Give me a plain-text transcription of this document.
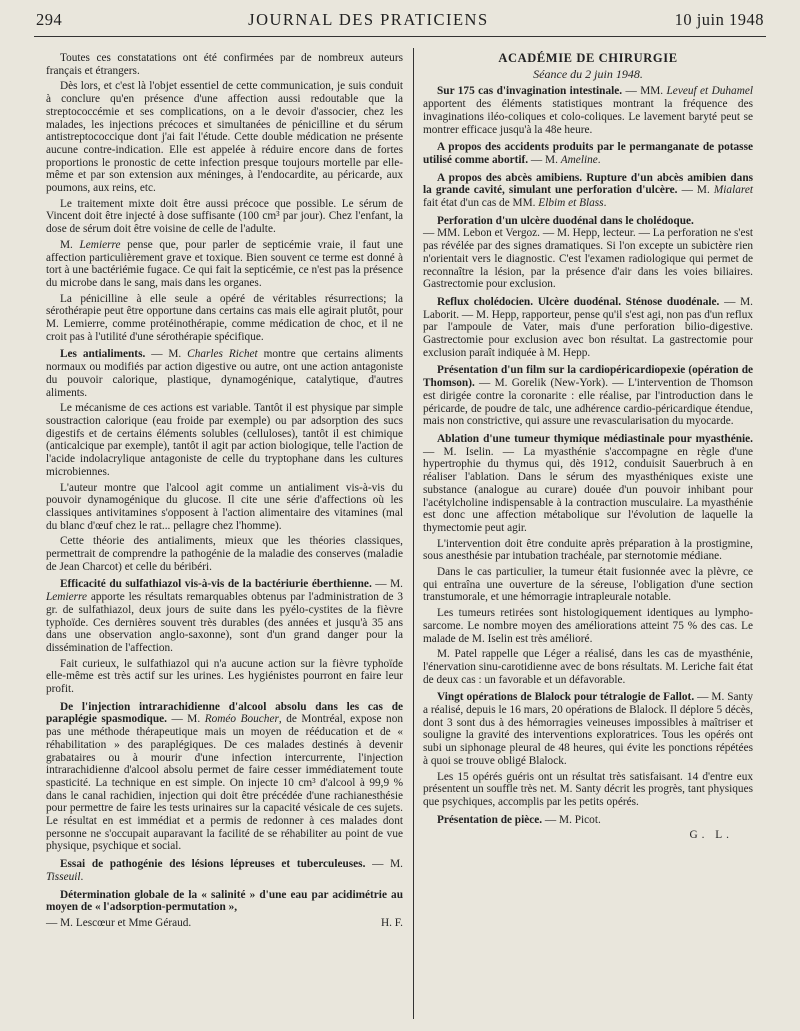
294	JOURNAL DES PRATICIENS	10 juin 1948

Toutes ces constatations ont été confirmées par de nombreux auteurs français et étrangers.

Dès lors, et c'est là l'objet essentiel de cette communication, je suis conduit à conclure qu'en présence d'une affection aussi redoutable que la streptococcémie et ses complications, on a le devoir d'associer, chez les malades, les injections précoces et simultanées de pénicilline et du sérum antistreptococcique dont j'ai fait l'étude. Cette double médication ne présente aucune contre-indication. Elle est appelée à réduire encore dans de fortes proportions le pronostic de cette infection presque toujours mortelle par elle-même et par son extension aux méninges, à l'endocardite, au péricarde, aux poumons, aux reins, etc.

Le traitement mixte doit être aussi précoce que possible. Le sérum de Vincent doit être injecté à dose suffisante (100 cm³ par jour). Chez l'enfant, la dose de sérum doit être voisine de celle de l'adulte.

M. Lemierre pense que, pour parler de septicémie vraie, il faut une affection particulièrement grave et toxique. Bien souvent ce terme est donné à tort à une bactériémie fugace. Ce qui fait la septicémie, ce n'est pas la présence du microbe dans le sang, mais dans les organes.

La pénicilline à elle seule a opéré de véritables résurrections; la sérothérapie peut être opportune dans certains cas mais elle agirait plutôt, pour M. Lemierre, comme protéinothérapie, comme médication de choc, et il ne croit pas à l'utilité d'une sérothérapie spécifique.

Les antialiments. — M. Charles Richet montre que certains aliments normaux ou modifiés par action digestive ou autre, ont une action antagoniste du pouvoir calorique, plastique, dynamogénique, catalytique, d'autres aliments.

Le mécanisme de ces actions est variable. Tantôt il est physique par simple soustraction calorique (eau froide par exemple) ou par adsorption des sucs digestifs et de certains éléments solubles (celluloses), tantôt il est chimique (anticalcique par exemple), tantôt il agit par action biologique, telle l'action de l'acide indolacrylique antagoniste de celle du tryptophane dans les cultures microbiennes.

L'auteur montre que l'alcool agit comme un antialiment vis-à-vis du pouvoir dynamogénique du glucose. Il cite une série d'affections où les classiques antivitamines s'opposent à l'action alimentaire des vitamines (mal du blanc d'œuf chez le rat... pellagre chez l'homme).

Cette théorie des antialiments, mieux que les théories classiques, permettrait de comprendre la pathogénie de la maladie des conserves (maladie de Jean Charcot) et celle du béribéri.

Efficacité du sulfathiazol vis-à-vis de la bactériurie éberthienne. — M. Lemierre apporte les résultats remarquables obtenus par l'administration de 3 gr. de sulfathiazol, deux jours de suite dans les pyélo-cystites de la fièvre typhoïde. Ces dernières souvent très durables (des années et jusqu'à 35 ans dans une observation anglo-saxonne), sont d'un grand danger pour la dissémination de l'affection.

Fait curieux, le sulfathiazol qui n'a aucune action sur la fièvre typhoïde elle-même est très actif sur les urines. Les hygiénistes pourront en faire leur profit.

De l'injection intrarachidienne d'alcool absolu dans les cas de paraplégie spasmodique. — M. Roméo Boucher, de Montréal, expose non pas une méthode thérapeutique mais un moyen de rééducation et de « réhabilitation » des paraplégiques. De ces malades destinés à devenir grabataires ou à mourir d'une infection intercurrente, l'injection intrarachidienne d'alcool absolu permet de faire cesser immédiatement toute spasticité. La technique en est simple. On injecte 10 cm³ d'alcool à 99,9 % dans le canal rachidien, injection qui doit être précédée d'une rachianesthésie pour permettre de faire les tests urinaires sur la capacité vésicale de ces sujets. Le résultat en est immédiat et a permis de redonner à ces malades dont personne ne s'occupait auparavant la facilité de se réhabiliter au point de vue physique, psychique et social.

Essai de pathogénie des lésions lépreuses et tuberculeuses. — M. Tisseuil.

Détermination globale de la « salinité » d'une eau par acidimétrie au moyen de « l'adsorption-permutation »,

— M. Lescœur et Mme Géraud.	H. F.

ACADÉMIE DE CHIRURGIE

Séance du 2 juin 1948.

Sur 175 cas d'invagination intestinale. — MM. Leveuf et Duhamel apportent des éléments statistiques montrant la fréquence des invaginations iléo-coliques et colo-coliques. Le lavement baryté peut se montrer efficace jusqu'à la 48e heure.

A propos des accidents produits par le permanganate de potasse utilisé comme abortif. — M. Ameline.

A propos des abcès amibiens. Rupture d'un abcès amibien dans la grande cavité, simulant une perforation d'ulcère. — M. Mialaret fait état d'un cas de MM. Elbim et Blass.

Perforation d'un ulcère duodénal dans le cholédoque.
— MM. Lebon et Vergoz. — M. Hepp, lecteur. — La perforation ne s'est pas révélée par des signes dramatiques. Si l'on excepte un subictère rien n'orientait vers le diagnostic. C'est l'examen radiologique qui permet de reconnaître la lésion, par la présence d'air dans les voies biliaires. Gastrectomie pour exclusion.

Reflux cholédocien. Ulcère duodénal. Sténose duodénale. — M. Laborit. — M. Hepp, rapporteur, pense qu'il s'est agi, non pas d'un reflux par l'ampoule de Vater, mais d'une perforation bilio-digestive. Gastrectomie pour exclusion avec bon résultat. La gastrectomie pour exclusion paraît indiquée à M. Hepp.

Présentation d'un film sur la cardiopéricardiopexie (opération de Thomson). — M. Gorelik (New-York). — L'intervention de Thomson est dirigée contre la coronarite : elle réalise, par l'introduction dans le péricarde, de poudre de talc, une adhérence cardio-péricardique étendue, mais non constrictive, qui assure une revascularisation du myocarde.

Ablation d'une tumeur thymique médiastinale pour myasthénie. — M. Iselin. — La myasthénie s'accompagne en règle d'une hypertrophie du thymus qui, dès 1912, conduisit Sauerbruch à en réaliser l'ablation. Dans le sérum des myasthéniques existe une substance (analogue au curare) douée d'un pouvoir inhibant pour l'acétylcholine indispensable à la contraction musculaire. La myasthénie est donc une affection métabolique sur l'évolution de laquelle la thymectomie peut agir.

L'intervention doit être conduite après préparation à la prostigmine, sous anesthésie par intubation trachéale, par sternotomie médiane.

Dans le cas particulier, la tumeur était fusionnée avec la plèvre, ce qui entraîna une ouverture de la séreuse, l'obligation d'une section transtumorale, et une hémorragie intrapleurale notable.

Les tumeurs retirées sont histologiquement identiques au lympho-sarcome. Le nombre moyen des améliorations atteint 75 % des cas. Le malade de M. Iselin est très amélioré.

M. Patel rappelle que Léger a réalisé, dans les cas de myasthénie, l'énervation sinu-carotidienne avec de bons résultats. M. Leriche fait état de deux cas : un favorable et un défavorable.

Vingt opérations de Blalock pour tétralogie de Fallot. — M. Santy a réalisé, depuis le 16 mars, 20 opérations de Blalock. Il déplore 5 décès, dont 3 sont dus à des hémorragies veineuses impossibles à maîtriser et souligne la gravité des interventions exploratrices. Tous les opérés ont subi un siphonage pleural de 48 heures, qui évite les ponctions répétées à quoi se trouve obligé Blalock.

Les 15 opérés guéris ont un résultat très satisfaisant. 14 d'entre eux présentent un souffle très net. M. Santy décrit les progrès, tant physiques que psychiques, accomplis par les petits opérés.

Présentation de pièce. — M. Picot.

G. L.
